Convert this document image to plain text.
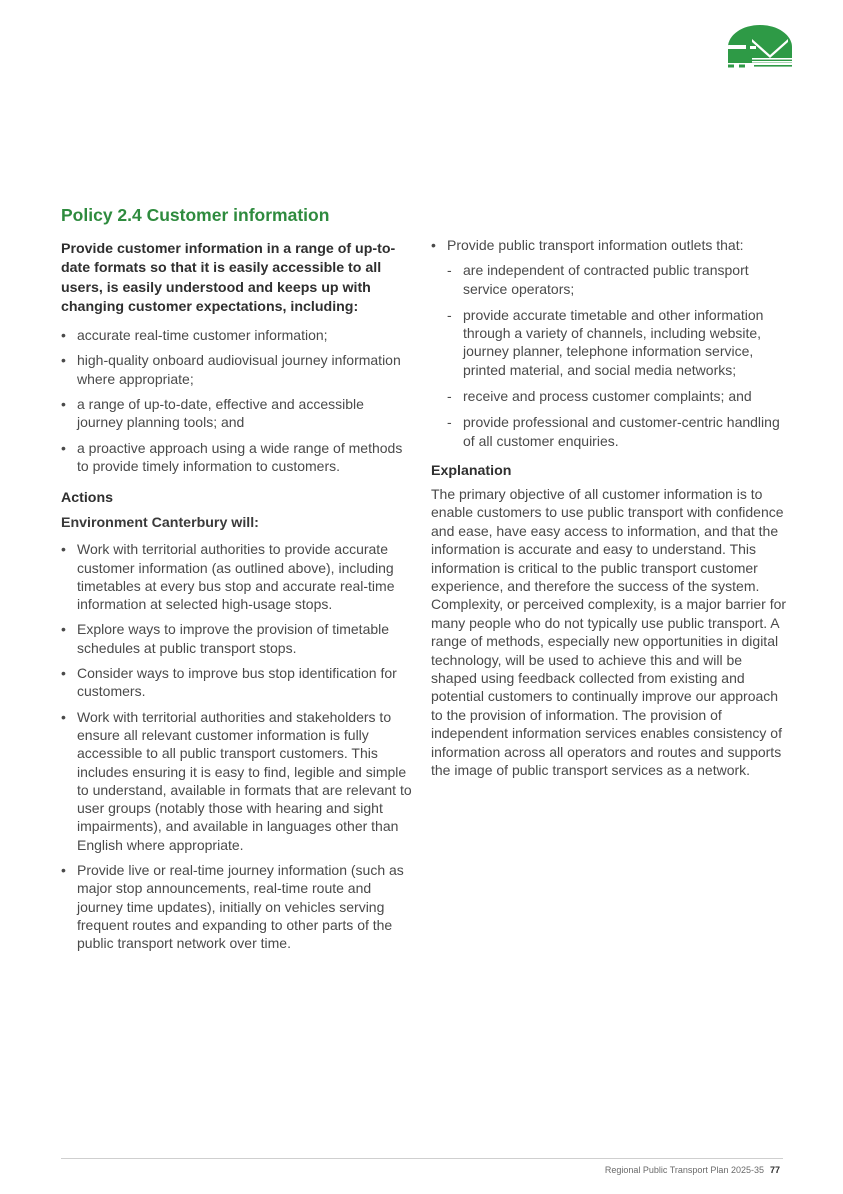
Policy 2.4 Customer information

Provide customer information in a range of up-to-date formats so that it is easily accessible to all users, is easily understood and keeps up with changing customer expectations, including:

• accurate real-time customer information;
• high-quality onboard audiovisual journey information where appropriate;
• a range of up-to-date, effective and accessible journey planning tools; and
• a proactive approach using a wide range of methods to provide timely information to customers.
Actions
Environment Canterbury will:
• Work with territorial authorities to provide accurate customer information (as outlined above), including timetables at every bus stop and accurate real-time information at selected high-usage stops.
• Explore ways to improve the provision of timetable schedules at public transport stops.
• Consider ways to improve bus stop identification for customers.
• Work with territorial authorities and stakeholders to ensure all relevant customer information is fully accessible to all public transport customers. This includes ensuring it is easy to find, legible and simple to understand, available in formats that are relevant to user groups (notably those with hearing and sight impairments), and available in languages other than English where appropriate.
• Provide live or real-time journey information (such as major stop announcements, real-time route and journey time updates), initially on vehicles serving frequent routes and expanding to other parts of the public transport network over time.
• Provide public transport information outlets that:
- are independent of contracted public transport service operators;
- provide accurate timetable and other information through a variety of channels, including website, journey planner, telephone information service, printed material, and social media networks;
- receive and process customer complaints; and
- provide professional and customer-centric handling of all customer enquiries.
Explanation

The primary objective of all customer information is to enable customers to use public transport with confidence and ease, have easy access to information, and that the information is accurate and easy to understand. This information is critical to the public transport customer experience, and therefore the success of the system. Complexity, or perceived complexity, is a major barrier for many people who do not typically use public transport. A range of methods, especially new opportunities in digital technology, will be used to achieve this and will be shaped using feedback collected from existing and potential customers to continually improve our approach to the provision of information. The provision of independent information services enables consistency of information across all operators and routes and supports the image of public transport services as a network.

Regional Public Transport Plan 2025-35 77
